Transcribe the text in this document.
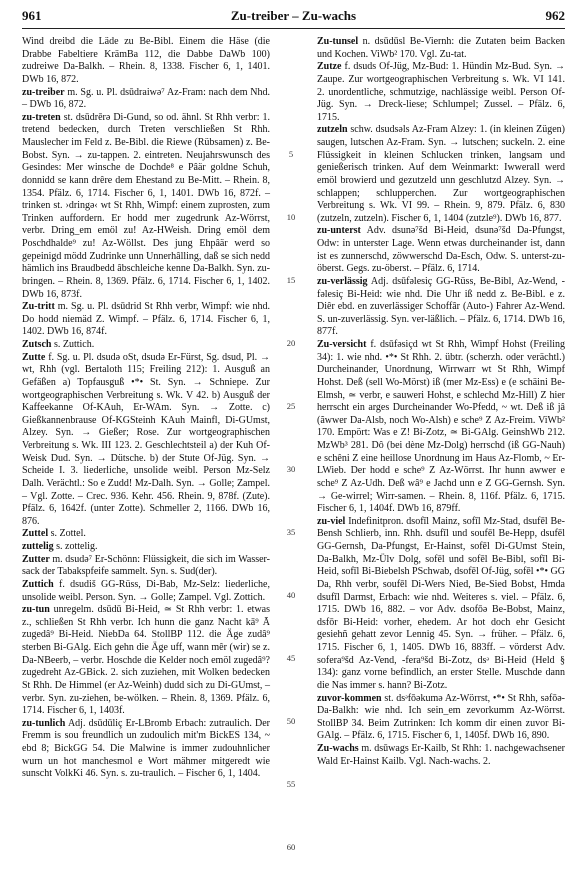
961	Zu-treiber – Zu-wachs	962

Wind dreibd die Läde zu Be-Bibl. Einem die Häse (die Drabbe Fabeltiere KrämBa 112, die Dabbe DaWb 100) zudreiwe Da-Balkh. – Rhein. 8, 1338. Fischer 6, 1, 1401. DWb 16, 872.

zu-treiber m. Sg. u. Pl. dsūdraiwə⁷ Az-Fram: nach dem Nhd. – DWb 16, 872.

zu-treten st. dsūdrērə Di-Gund, so od. ähnl. St Rhh verbr: 1. tretend bedecken, durch Treten verschließen St Rhh. Mauslecher im Feld z. Be-Bibl. die Riewe (Rübsamen) z. Be-Bobst. Syn. → zu-tappen. 2. eintreten. Neujahrswunsch des Gesindes: Mer winsche de Dochde⁸ e Pâär goldne Schuh, donnidd se kann drêre dem Ehestand zu Be-Mitt. – Rhein. 8, 1354. Pfälz. 6, 1714. Fischer 6, 1, 1401. DWb 16, 872f. – trinken st. ›dringə‹ wt St Rhh, Wimpf: einem zuprosten, zum Trinken auffordern. Er hodd mer zugedrunk Az-Wörrst, verbr. Dring_em emöl zu! Az-HWeish. Dring emöl dem Poschdhalde⁹ zu! Az-Wöllst. Des jung Ehpâär werd so gepeinigd mödd Zudrinke unn Unnerhâlling, daß se sich nedd hämlich ins Braudbedd âbschleiche kenne Da-Balkh. Syn. zu-bringen. – Rhein. 8, 1369. Pfälz. 6, 1714. Fischer 6, 1, 1402. DWb 16, 873f.

Zu-tritt m. Sg. u. Pl. dsūdrid St Rhh verbr, Wimpf: wie nhd. Do hodd niemäd Z. Wimpf. – Pfälz. 6, 1714. Fischer 6, 1, 1402. DWb 16, 874f.

Zutsch s. Zuttich.

Zutte f. Sg. u. Pl. dsudə oSt, dsudə Er-Fürst, Sg. dsud, Pl. → wt, Rhh (vgl. Bertaloth 115; Freiling 212): 1. Ausguß an Gefäßen a) Topfausguß •*• St. Syn. → Schniepe. Zur wortgeographischen Verbreitung s. Wk. V 42. b) Ausguß der Kaffeekanne Of-KAuh, Er-WAm. Syn. → Zotte. c) Gießkannenbrause Of-KGSteinh KAuh Mainfl, Di-GUmst, Alzey. Syn. → Gießer; Rose. Zur wortgeographischen Verbreitung s. Wk. III 123. 2. Geschlechtsteil a) der Kuh Of-Weisk Dud. Syn. → Dütsche. b) der Stute Of-Jüg. Syn. → Scheide I. 3. liederliche, unsolide weibl. Person Mz-Selz Dalh. Verächtl.: So e Zudd! Mz-Dalh. Syn. → Golle; Zampel. – Vgl. Zotte. – Crec. 936. Kehr. 456. Rhein. 9, 878f. (Zute). Pfälz. 6, 1642f. (unter Zotte). Schmeller 2, 1166. DWb 16, 876.

Zuttel s. Zottel.

zuttelig s. zottelig.

Zutter m. dsudə⁷ Er-Schönn: Flüssigkeit, die sich im Wasser-sack der Tabakspfeife sammelt. Syn. s. Sud(der).

Zuttich f. dsudiš GG-Rüss, Di-Bab, Mz-Selz: liederliche, unsolide weibl. Person. Syn. → Golle; Zampel. Vgl. Zottich.

zu-tun unregelm. dsūdū Bi-Heid, ≃ St Rhh verbr: 1. etwas z., schließen St Rhh verbr. Ich hunn die ganz Nacht kā⁹ Ā zugedâ⁹ Bi-Heid. NiebDa 64. StollBP 112. die Äge zudâ⁹ sterben Bi-GAlg. Eich gehn die Äge uff, wann mêr (wir) se z. Da-NBeerb, – verbr. Hoschde die Kelder noch emöl zugedâ⁹? zugedreht Az-GBick. 2. sich zuziehen, mit Wolken bedecken St Rhh. De Himmel (er Az-Weinh) dudd sich zu Di-GUmst, – verbr. Syn. zu-ziehen, be-wölken. – Rhein. 8, 1369. Pfälz. 6, 1714. Fischer 6, 1, 1403f.

zu-tunlich Adj. dsūdūliç Er-LBromb Erbach: zutraulich. Der Fremm is sou freundlich un zudoulich mit'm BickES 134, ~ ebd 8; BickGG 54. Die Malwine is immer zudouhnlicher wurn un hot manchesmol e Wort mähmer mitgeredt wie sunscht VolkKi 46. Syn. s. zu-traulich. – Fischer 6, 1, 1404.

5
10
15
20
25
30
35
40
45
50
55
60

Zu-tunsel n. dsūdūsl Be-Viernh: die Zutaten beim Backen und Kochen. ViWb² 170. Vgl. Zu-tat.

Zutze f. dsuds Of-Jüg, Mz-Bud: 1. Hündin Mz-Bud. Syn. → Zaupe. Zur wortgeographischen Verbreitung s. Wk. VI 141. 2. unordentliche, schmutzige, nachlässige weibl. Person Of-Jüg. Syn. → Dreck-liese; Schlumpel; Zussel. – Pfälz. 6, 1715.

zutzeln schw. dsudsəls Az-Fram Alzey: 1. (in kleinen Zügen) saugen, lutschen Az-Fram. Syn. → lutschen; suckeln. 2. eine Flüssigkeit in kleinen Schlucken trinken, langsam und genießerisch trinken. Auf dem Weinmarkt: Iwwerall werd emöl browierd und gezutzeld unn geschlutzd Alzey. Syn. → schlappen; schlupperchen. Zur wortgeographischen Verbreitung s. Wk. VI 99. – Rhein. 9, 879. Pfälz. 6, 830 (zutzeln, zutzeln). Fischer 6, 1, 1404 (zutzle⁹). DWb 16, 877.

zu-unterst Adv. dsunə⁷šd Bi-Heid, dsunə⁷šd Da-Pfungst, Odw: in unterster Lage. Wenn etwas durcheinander ist, dann ist es zunnerschd, zöwwerschd Da-Esch, Odw. S. unterst-zu-öberst. Gegs. zu-öberst. – Pfälz. 6, 1714.

zu-verlässig Adj. dsūfəlesiç GG-Rüss, Be-Bibl, Az-Wend, -fəlesiç Bi-Heid: wie nhd. Die Uhr iß nedd z. Be-Bibl. e z. Diêr ebd. en zuverlässiger Schoffâr (Auto-) Fahrer Az-Wend. S. un-zuverlässig. Syn. ver-läßlich. – Pfälz. 6, 1714. DWb 16, 877f.

Zu-versicht f. dsūfəsiçd wt St Rhh, Wimpf Hohst (Freiling 34): 1. wie nhd. •*• St Rhh. 2. übtr. (scherzh. oder verächtl.) Durcheinander, Unordnung, Wirrwarr wt St Rhh, Wimpf Hohst. Deß (sell Wo-Mörst) iß (mer Mz-Ess) e (e schäini Be-Elmsh, ≃ verbr, e sauweri Hohst, e schlechd Mz-Hill) Z hier herrscht ein arges Durcheinander Wo-Pfedd, ~ wt. Deß iß jâ (ãwwer Da-Alsb, noch Wo-Alsh) e sche⁹ Z Az-Freim. ViWb² 170. Empört: Was e Z! Bi-Zotz, ≃ Bi-GAlg. GeinshWb 212. MzWb³ 281. Dô (bei dène Mz-Dolg) herrschd (iß GG-Nauh) e schêni Z eine heillose Unordnung im Haus Az-Flomb, ~ Er-LWieb. Der hodd e sche⁹ Z Az-Wörrst. Ihr hunn awwer e sche⁹ Z Az-Udh. Deß wâ⁹ e Jachd unn e Z GG-Gernsh. Syn. → Ge-wirrel; Wirr-samen. – Rhein. 8, 116f. Pfälz. 6, 1715. Fischer 6, 1, 1404f. DWb 16, 879ff.

zu-viel Indefinitpron. dsofīl Mainz, sofīl Mz-Stad, dsufēl Be-Bensh Schlierb, inn. Rhh. dsufīl und soufēl Be-Hepp, dsufēl GG-Gernsh, Da-Pfungst, Er-Hainst, sofēl Di-GUmst Stein, Da-Balkh, Mz-Ülv Dolg, sofēl und sofēl Be-Bibl, sofīl Bi-Heid, sofīl Bi-Biebelsh PSchwab, dsofēl Of-Jüg, sofēl •*• GG Da, Rhh verbr, soufēl Di-Wers Nied, Be-Sied Bobst, Hmda dsufīl Darmst, Erbach: wie nhd. Weiteres s. viel. – Pfälz. 6, 1715. DWb 16, 882. – vor Adv. dsofōə Be-Bobst, Mainz, dsfōr Bi-Heid: vorher, ehedem. Ar hot doch ehr Gesicht gesiehñ gehatt zevor Lennig 45. Syn. → früher. – Pfälz. 6, 1715. Fischer 6, 1, 1405. DWb 16, 883ff. – vörderst Adv. sofera⁹šd Az-Vend, -fera⁹šd Bi-Zotz, dsᵊ Bi-Heid (Held § 134): ganz vorne befindlich, an erster Stelle. Muschde dann die Nas immer s. hann? Bi-Zotz.

zuvor-kommen st. dsᵊfōəkumə Az-Wörrst, •*• St Rhh, səfōə- Da-Balkh: wie nhd. Ich sein_em zevorkumm Az-Wörrst. StollBP 34. Beim Zutrinken: Ich komm dir einen zuvor Bi-GAlg. – Pfälz. 6, 1715. Fischer 6, 1, 1405f. DWb 16, 890.

Zu-wachs m. dsūwags Er-Kailb, St Rhh: 1. nachgewachsener Wald Er-Hainst Kailb. Vgl. Nach-wachs. 2.
